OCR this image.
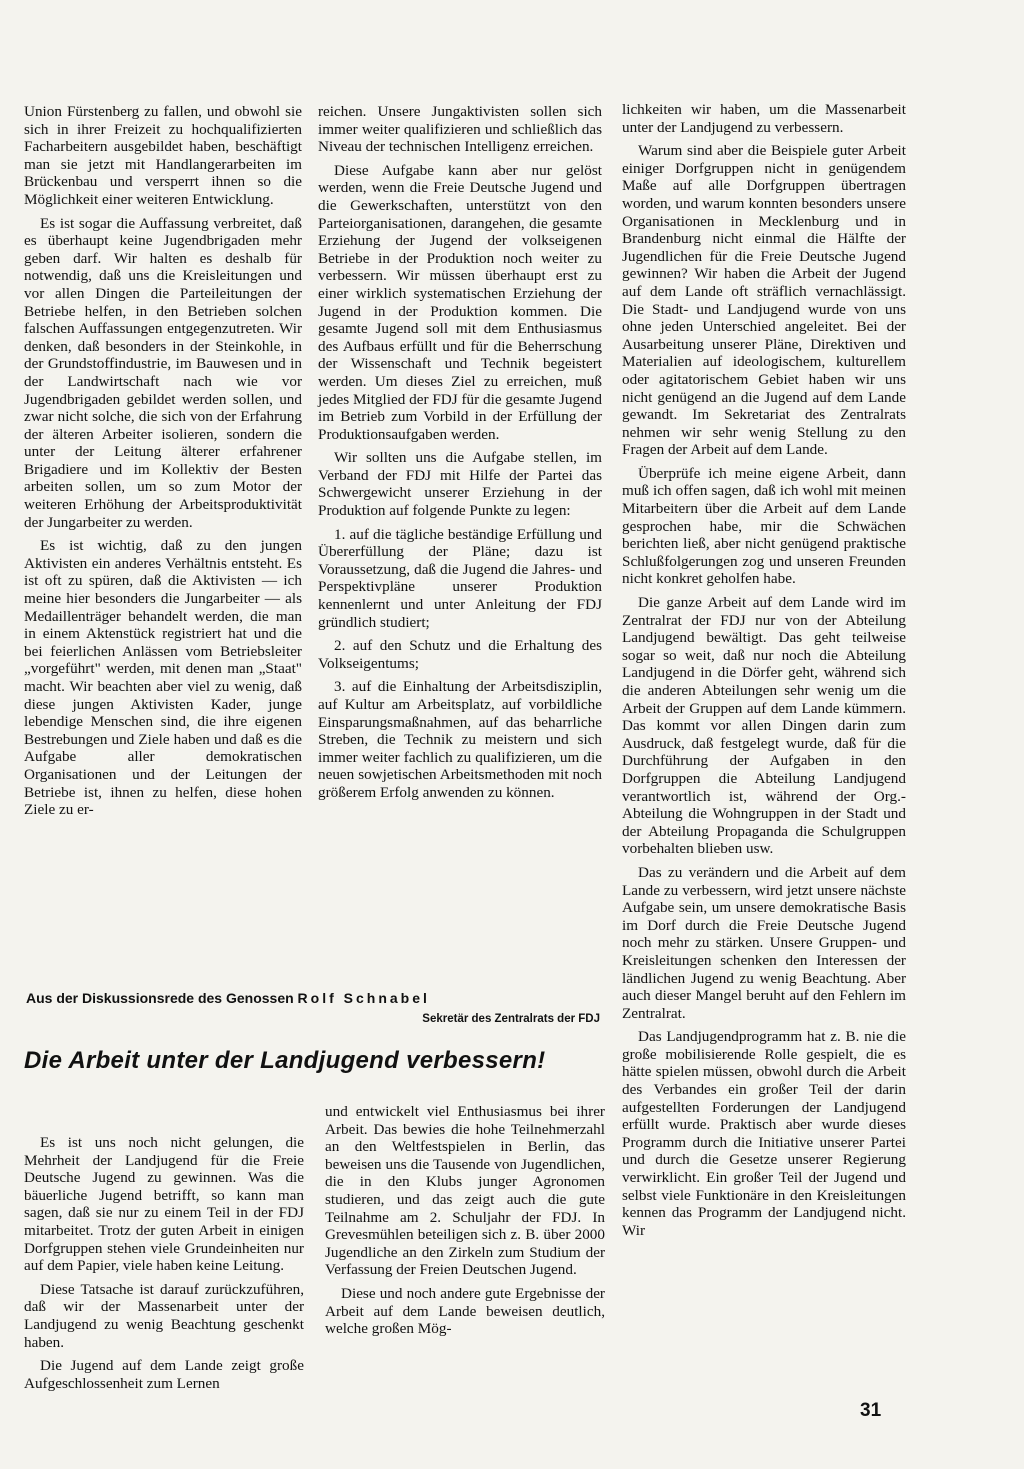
Union Fürstenberg zu fallen, und obwohl sie sich in ihrer Freizeit zu hochqualifizierten Facharbeitern ausgebildet haben, beschäftigt man sie jetzt mit Handlangerarbeiten im Brückenbau und versperrt ihnen so die Möglichkeit einer weiteren Entwicklung.

Es ist sogar die Auffassung verbreitet, daß es überhaupt keine Jugendbrigaden mehr geben darf. Wir halten es deshalb für notwendig, daß uns die Kreisleitungen und vor allen Dingen die Parteileitungen der Betriebe helfen, in den Betrieben solchen falschen Auffassungen entgegenzutreten. Wir denken, daß besonders in der Steinkohle, in der Grundstoffindustrie, im Bauwesen und in der Landwirtschaft nach wie vor Jugendbrigaden gebildet werden sollen, und zwar nicht solche, die sich von der Erfahrung der älteren Arbeiter isolieren, sondern die unter der Leitung älterer erfahrener Brigadiere und im Kollektiv der Besten arbeiten sollen, um so zum Motor der weiteren Erhöhung der Arbeitsproduktivität der Jungarbeiter zu werden.

Es ist wichtig, daß zu den jungen Aktivisten ein anderes Verhältnis entsteht. Es ist oft zu spüren, daß die Aktivisten — ich meine hier besonders die Jungarbeiter — als Medaillenträger behandelt werden, die man in einem Aktenstück registriert hat und die bei feierlichen Anlässen vom Betriebsleiter „vorgeführt" werden, mit denen man „Staat" macht. Wir beachten aber viel zu wenig, daß diese jungen Aktivisten Kader, junge lebendige Menschen sind, die ihre eigenen Bestrebungen und Ziele haben und daß es die Aufgabe aller demokratischen Organisationen und der Leitungen der Betriebe ist, ihnen zu helfen, diese hohen Ziele zu er-

reichen. Unsere Jungaktivisten sollen sich immer weiter qualifizieren und schließlich das Niveau der technischen Intelligenz erreichen.

Diese Aufgabe kann aber nur gelöst werden, wenn die Freie Deutsche Jugend und die Gewerkschaften, unterstützt von den Parteiorganisationen, darangehen, die gesamte Erziehung der Jugend der volkseigenen Betriebe in der Produktion noch weiter zu verbessern. Wir müssen überhaupt erst zu einer wirklich systematischen Erziehung der Jugend in der Produktion kommen. Die gesamte Jugend soll mit dem Enthusiasmus des Aufbaus erfüllt und für die Beherrschung der Wissenschaft und Technik begeistert werden. Um dieses Ziel zu erreichen, muß jedes Mitglied der FDJ für die gesamte Jugend im Betrieb zum Vorbild in der Erfüllung der Produktionsaufgaben werden.

Wir sollten uns die Aufgabe stellen, im Verband der FDJ mit Hilfe der Partei das Schwergewicht unserer Erziehung in der Produktion auf folgende Punkte zu legen:

1. auf die tägliche beständige Erfüllung und Übererfüllung der Pläne; dazu ist Voraussetzung, daß die Jugend die Jahres- und Perspektivpläne unserer Produktion kennenlernt und unter Anleitung der FDJ gründlich studiert;

2. auf den Schutz und die Erhaltung des Volkseigentums;

3. auf die Einhaltung der Arbeitsdisziplin, auf Kultur am Arbeitsplatz, auf vorbildliche Einsparungsmaßnahmen, auf das beharrliche Streben, die Technik zu meistern und sich immer weiter fachlich zu qualifizieren, um die neuen sowjetischen Arbeitsmethoden mit noch größerem Erfolg anwenden zu können.

lichkeiten wir haben, um die Massenarbeit unter der Landjugend zu verbessern.

Warum sind aber die Beispiele guter Arbeit einiger Dorfgruppen nicht in genügendem Maße auf alle Dorfgruppen übertragen worden, und warum konnten besonders unsere Organisationen in Mecklenburg und in Brandenburg nicht einmal die Hälfte der Jugendlichen für die Freie Deutsche Jugend gewinnen? Wir haben die Arbeit der Jugend auf dem Lande oft sträflich vernachlässigt. Die Stadt- und Landjugend wurde von uns ohne jeden Unterschied angeleitet. Bei der Ausarbeitung unserer Pläne, Direktiven und Materialien auf ideologischem, kulturellem oder agitatorischem Gebiet haben wir uns nicht genügend an die Jugend auf dem Lande gewandt. Im Sekretariat des Zentralrats nehmen wir sehr wenig Stellung zu den Fragen der Arbeit auf dem Lande.

Überprüfe ich meine eigene Arbeit, dann muß ich offen sagen, daß ich wohl mit meinen Mitarbeitern über die Arbeit auf dem Lande gesprochen habe, mir die Schwächen berichten ließ, aber nicht genügend praktische Schlußfolgerungen zog und unseren Freunden nicht konkret geholfen habe.

Die ganze Arbeit auf dem Lande wird im Zentralrat der FDJ nur von der Abteilung Landjugend bewältigt. Das geht teilweise sogar so weit, daß nur noch die Abteilung Landjugend in die Dörfer geht, während sich die anderen Abteilungen sehr wenig um die Arbeit der Gruppen auf dem Lande kümmern. Das kommt vor allen Dingen darin zum Ausdruck, daß festgelegt wurde, daß für die Durchführung der Aufgaben in den Dorfgruppen die Abteilung Landjugend verantwortlich ist, während der Org.-Abteilung die Wohngruppen in der Stadt und der Abteilung Propaganda die Schulgruppen vorbehalten blieben usw.

Das zu verändern und die Arbeit auf dem Lande zu verbessern, wird jetzt unsere nächste Aufgabe sein, um unsere demokratische Basis im Dorf durch die Freie Deutsche Jugend noch mehr zu stärken. Unsere Gruppen- und Kreisleitungen schenken den Interessen der ländlichen Jugend zu wenig Beachtung. Aber auch dieser Mangel beruht auf den Fehlern im Zentralrat.

Das Landjugendprogramm hat z. B. nie die große mobilisierende Rolle gespielt, die es hätte spielen müssen, obwohl durch die Arbeit des Verbandes ein großer Teil der darin aufgestellten Forderungen der Landjugend erfüllt wurde. Praktisch aber wurde dieses Programm durch die Initiative unserer Partei und durch die Gesetze unserer Regierung verwirklicht. Ein großer Teil der Jugend und selbst viele Funktionäre in den Kreisleitungen kennen das Programm der Landjugend nicht. Wir

Aus der Diskussionsrede des Genossen Rolf Schnabel
Sekretär des Zentralrats der FDJ
Die Arbeit unter der Landjugend verbessern!

Es ist uns noch nicht gelungen, die Mehrheit der Landjugend für die Freie Deutsche Jugend zu gewinnen. Was die bäuerliche Jugend betrifft, so kann man sagen, daß sie nur zu einem Teil in der FDJ mitarbeitet. Trotz der guten Arbeit in einigen Dorfgruppen stehen viele Grundeinheiten nur auf dem Papier, viele haben keine Leitung.

Diese Tatsache ist darauf zurückzuführen, daß wir der Massenarbeit unter der Landjugend zu wenig Beachtung geschenkt haben.

Die Jugend auf dem Lande zeigt große Aufgeschlossenheit zum Lernen

und entwickelt viel Enthusiasmus bei ihrer Arbeit. Das bewies die hohe Teilnehmerzahl an den Weltfestspielen in Berlin, das beweisen uns die Tausende von Jugendlichen, die in den Klubs junger Agronomen studieren, und das zeigt auch die gute Teilnahme am 2. Schuljahr der FDJ. In Grevesmühlen beteiligen sich z. B. über 2000 Jugendliche an den Zirkeln zum Studium der Verfassung der Freien Deutschen Jugend.

Diese und noch andere gute Ergebnisse der Arbeit auf dem Lande beweisen deutlich, welche großen Mög-

31
